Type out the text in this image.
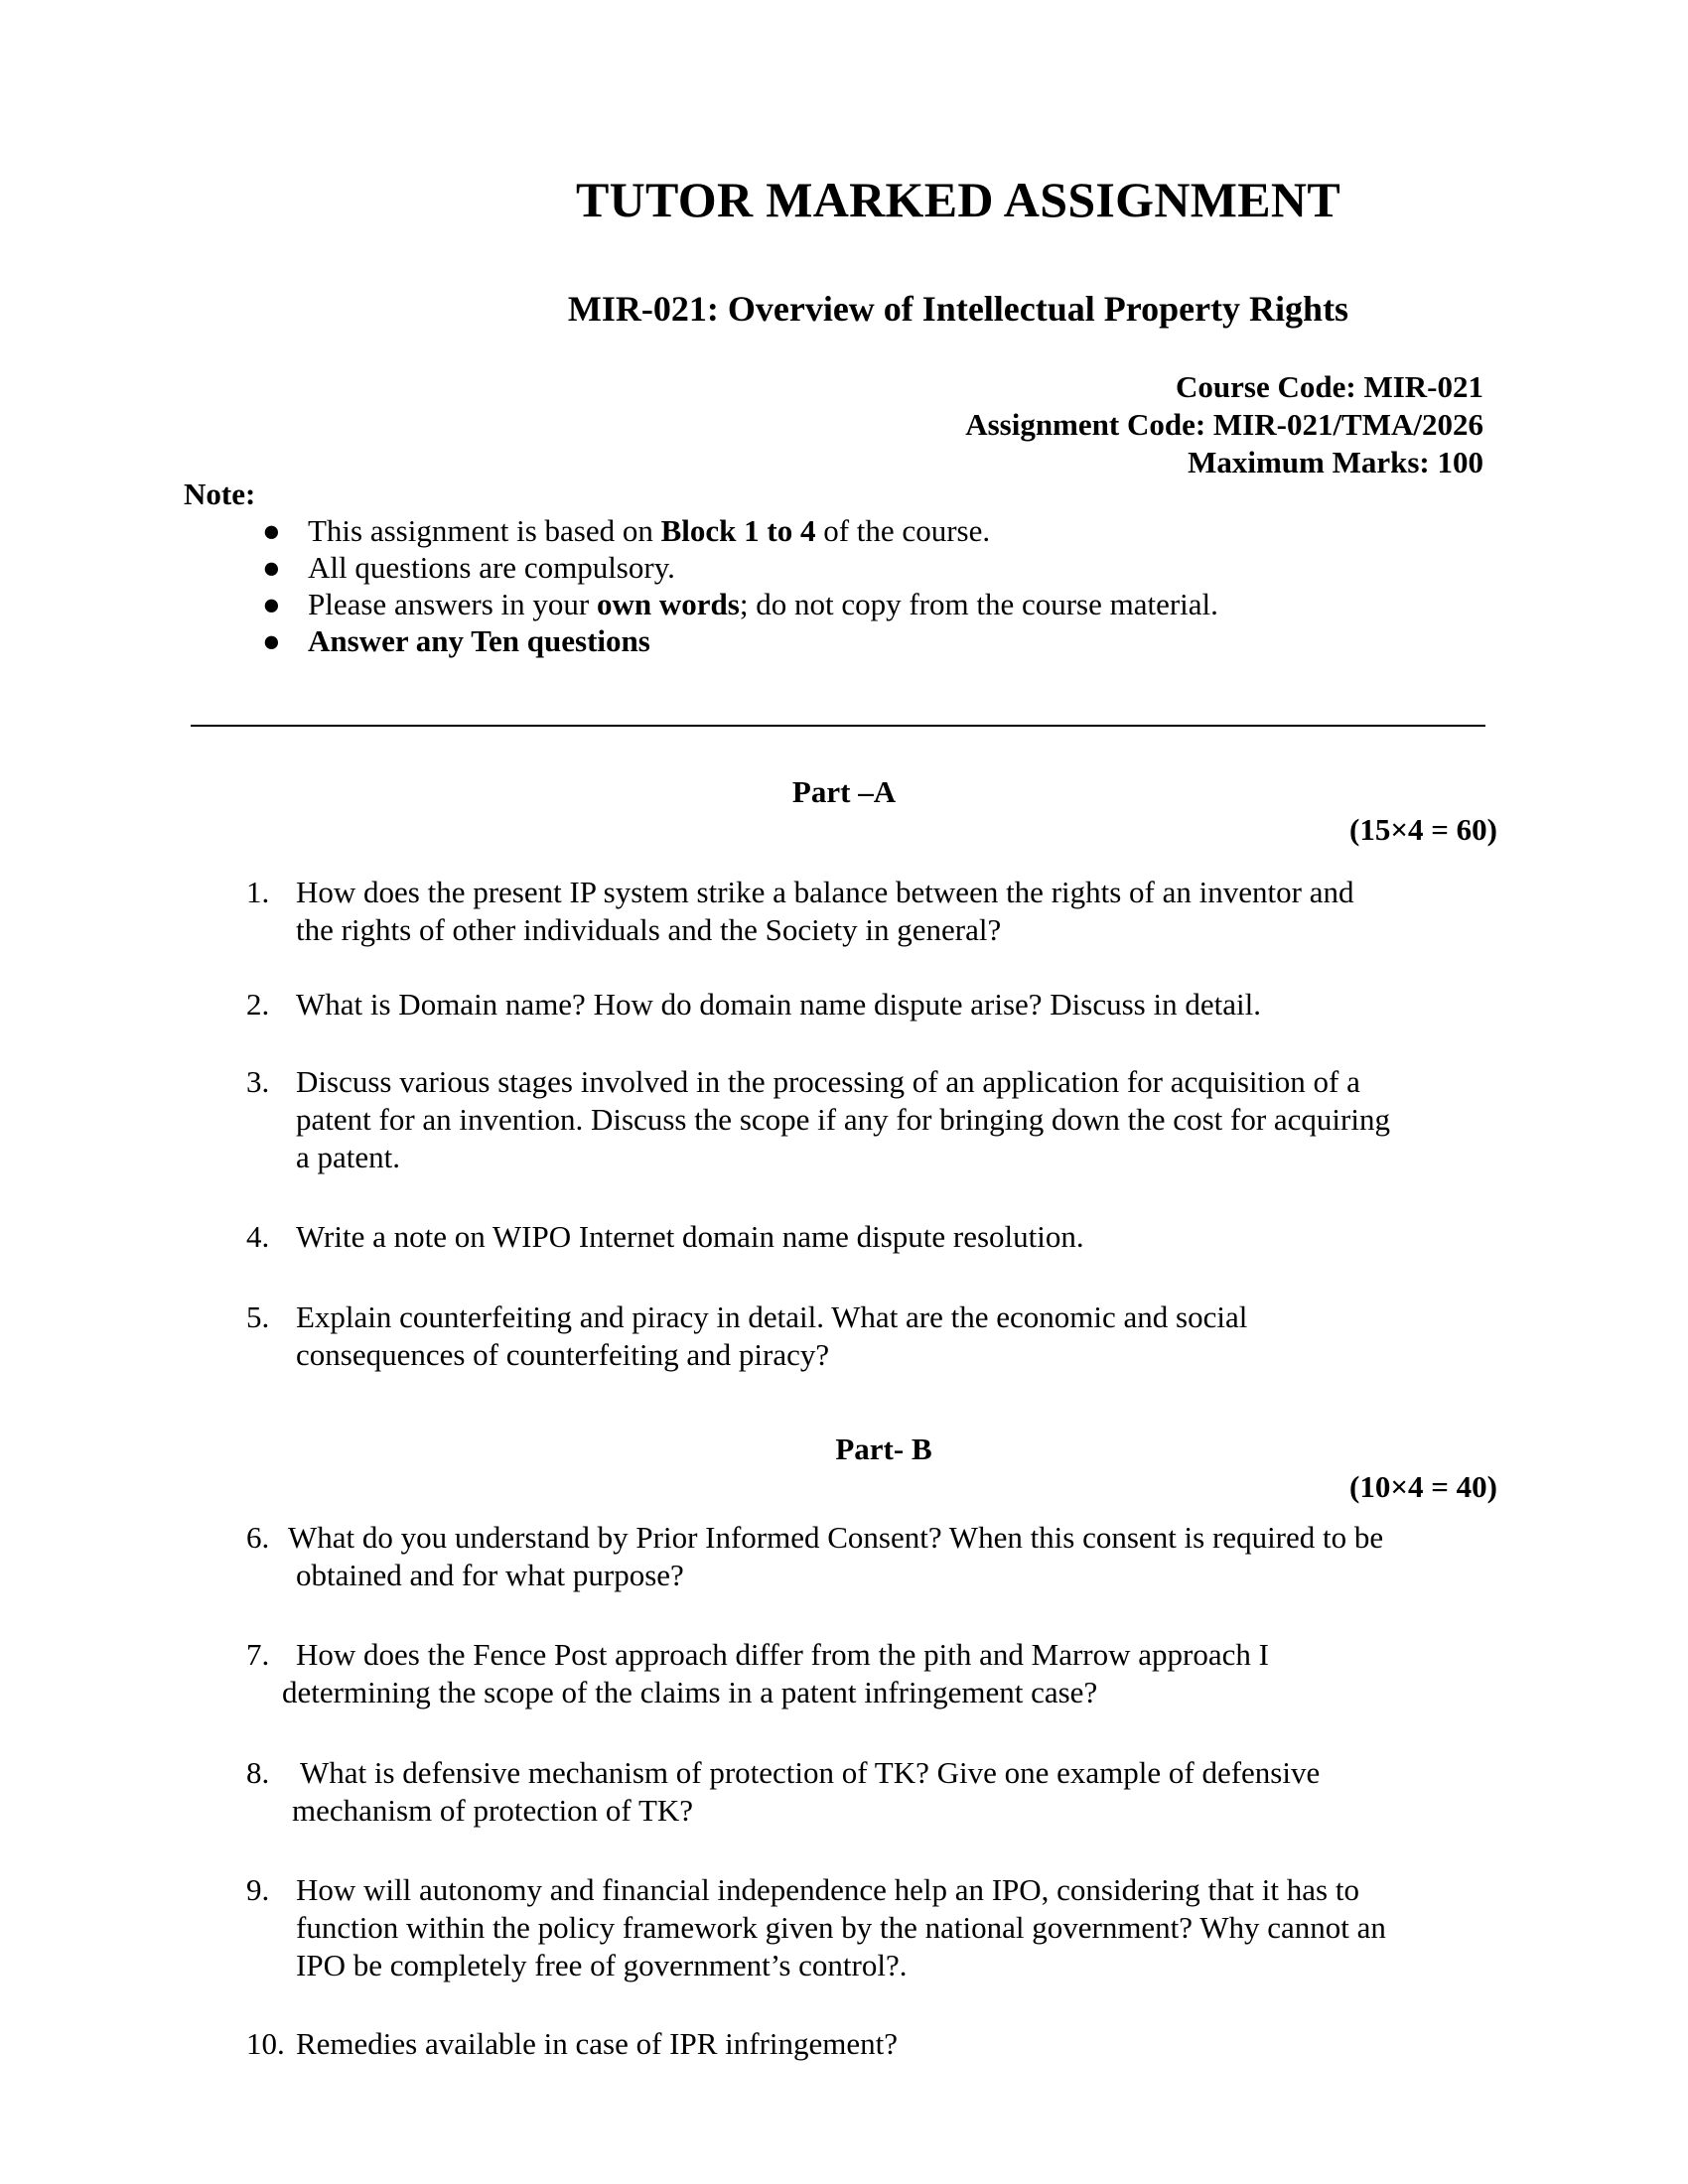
TUTOR MARKED ASSIGNMENT
MIR-021: Overview of Intellectual Property Rights
Course Code: MIR-021
Assignment Code: MIR-021/TMA/2026
Maximum Marks: 100
Note:
● This assignment is based on Block 1 to 4 of the course.
● All questions are compulsory.
● Please answers in your own words; do not copy from the course material.
● Answer any Ten questions
Part –A
(15×4 = 60)
1. How does the present IP system strike a balance between the rights of an inventor and
the rights of other individuals and the Society in general?
2. What is Domain name? How do domain name dispute arise? Discuss in detail.
3. Discuss various stages involved in the processing of an application for acquisition of a
patent for an invention. Discuss the scope if any for bringing down the cost for acquiring
a patent.
4. Write a note on WIPO Internet domain name dispute resolution.
5. Explain counterfeiting and piracy in detail. What are the economic and social
consequences of counterfeiting and piracy?
Part- B
(10×4 = 40)
6. What do you understand by Prior Informed Consent? When this consent is required to be
obtained and for what purpose?
7. How does the Fence Post approach differ from the pith and Marrow approach I
determining the scope of the claims in a patent infringement case?
8. What is defensive mechanism of protection of TK? Give one example of defensive
mechanism of protection of TK?
9. How will autonomy and financial independence help an IPO, considering that it has to
function within the policy framework given by the national government? Why cannot an
IPO be completely free of government’s control?.
10. Remedies available in case of IPR infringement?
